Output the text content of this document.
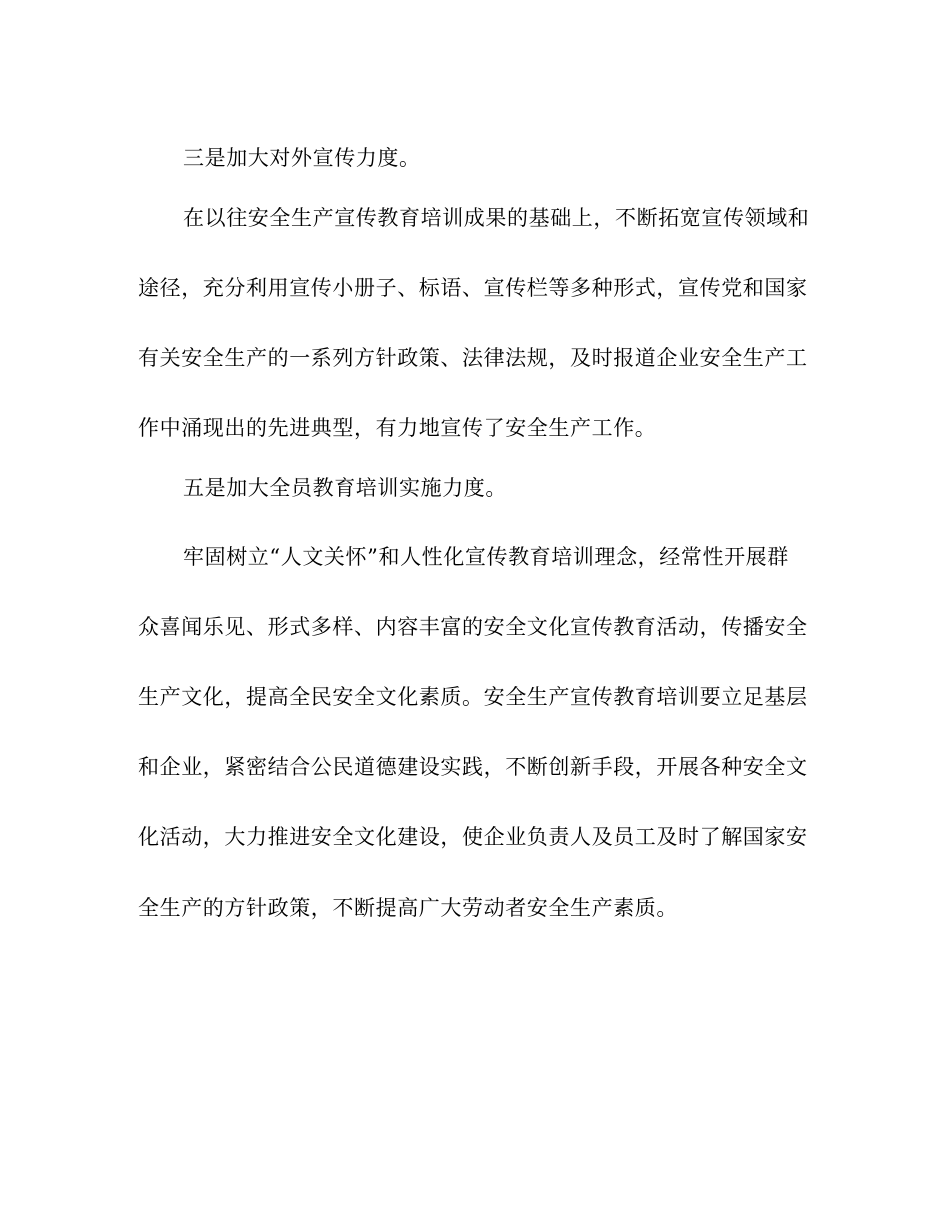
三是加大对外宣传力度。
在以往安全生产宣传教育培训成果的基础上，不断拓宽宣传领域和
途径，充分利用宣传小册子、标语、宣传栏等多种形式，宣传党和国家
有关安全生产的一系列方针政策、法律法规，及时报道企业安全生产工
作中涌现出的先进典型，有力地宣传了安全生产工作。
五是加大全员教育培训实施力度。
牢固树立“人文关怀”和人性化宣传教育培训理念，经常性开展群
众喜闻乐见、形式多样、内容丰富的安全文化宣传教育活动，传播安全
生产文化，提高全民安全文化素质。安全生产宣传教育培训要立足基层
和企业，紧密结合公民道德建设实践，不断创新手段，开展各种安全文
化活动，大力推进安全文化建设，使企业负责人及员工及时了解国家安
全生产的方针政策，不断提高广大劳动者安全生产素质。
